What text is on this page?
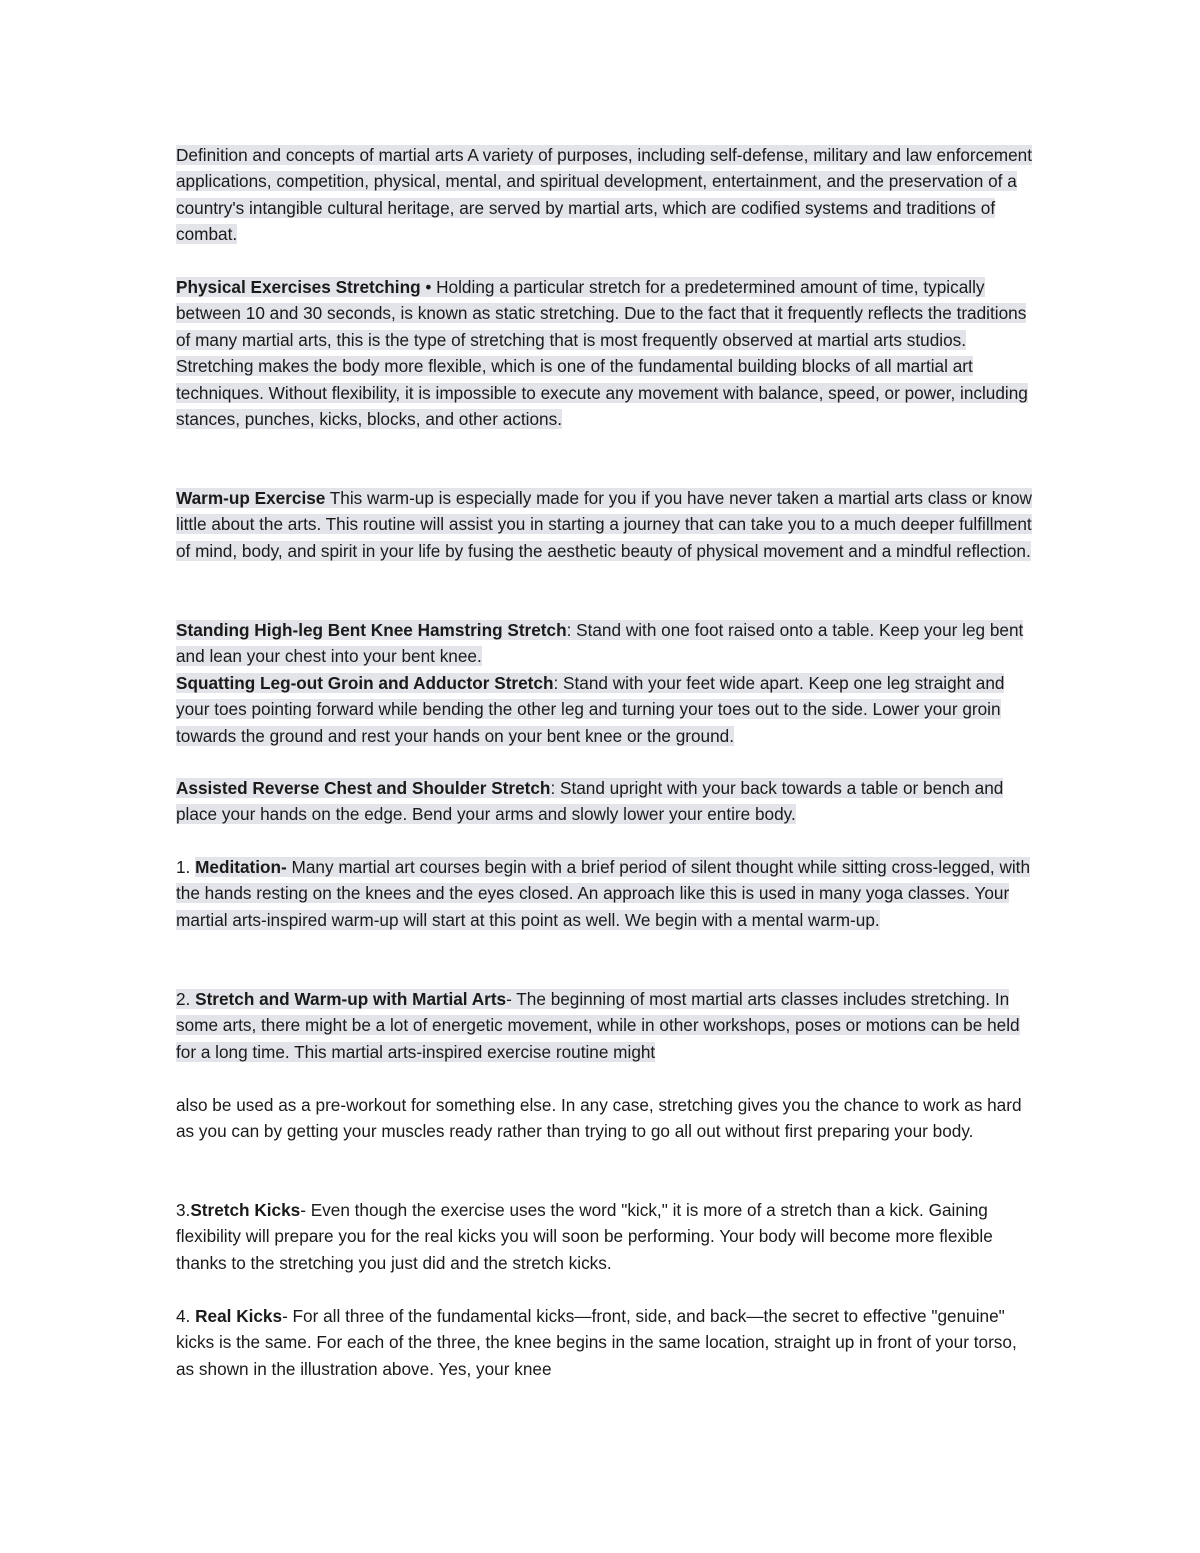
Definition and concepts of martial arts A variety of purposes, including self-defense, military and law enforcement applications, competition, physical, mental, and spiritual development, entertainment, and the preservation of a country's intangible cultural heritage, are served by martial arts, which are codified systems and traditions of combat.
Physical Exercises Stretching • Holding a particular stretch for a predetermined amount of time, typically between 10 and 30 seconds, is known as static stretching. Due to the fact that it frequently reflects the traditions of many martial arts, this is the type of stretching that is most frequently observed at martial arts studios. Stretching makes the body more flexible, which is one of the fundamental building blocks of all martial art techniques. Without flexibility, it is impossible to execute any movement with balance, speed, or power, including stances, punches, kicks, blocks, and other actions.
Warm-up Exercise This warm-up is especially made for you if you have never taken a martial arts class or know little about the arts. This routine will assist you in starting a journey that can take you to a much deeper fulfillment of mind, body, and spirit in your life by fusing the aesthetic beauty of physical movement and a mindful reflection.
Standing High-leg Bent Knee Hamstring Stretch: Stand with one foot raised onto a table. Keep your leg bent and lean your chest into your bent knee.
Squatting Leg-out Groin and Adductor Stretch: Stand with your feet wide apart. Keep one leg straight and your toes pointing forward while bending the other leg and turning your toes out to the side. Lower your groin towards the ground and rest your hands on your bent knee or the ground.
Assisted Reverse Chest and Shoulder Stretch: Stand upright with your back towards a table or bench and place your hands on the edge. Bend your arms and slowly lower your entire body.
1. Meditation- Many martial art courses begin with a brief period of silent thought while sitting cross-legged, with the hands resting on the knees and the eyes closed. An approach like this is used in many yoga classes. Your martial arts-inspired warm-up will start at this point as well. We begin with a mental warm-up.
2. Stretch and Warm-up with Martial Arts- The beginning of most martial arts classes includes stretching. In some arts, there might be a lot of energetic movement, while in other workshops, poses or motions can be held for a long time. This martial arts-inspired exercise routine might
also be used as a pre-workout for something else. In any case, stretching gives you the chance to work as hard as you can by getting your muscles ready rather than trying to go all out without first preparing your body.
3.Stretch Kicks- Even though the exercise uses the word "kick," it is more of a stretch than a kick. Gaining flexibility will prepare you for the real kicks you will soon be performing. Your body will become more flexible thanks to the stretching you just did and the stretch kicks.
4. Real Kicks- For all three of the fundamental kicks—front, side, and back—the secret to effective "genuine" kicks is the same. For each of the three, the knee begins in the same location, straight up in front of your torso, as shown in the illustration above. Yes, your knee
